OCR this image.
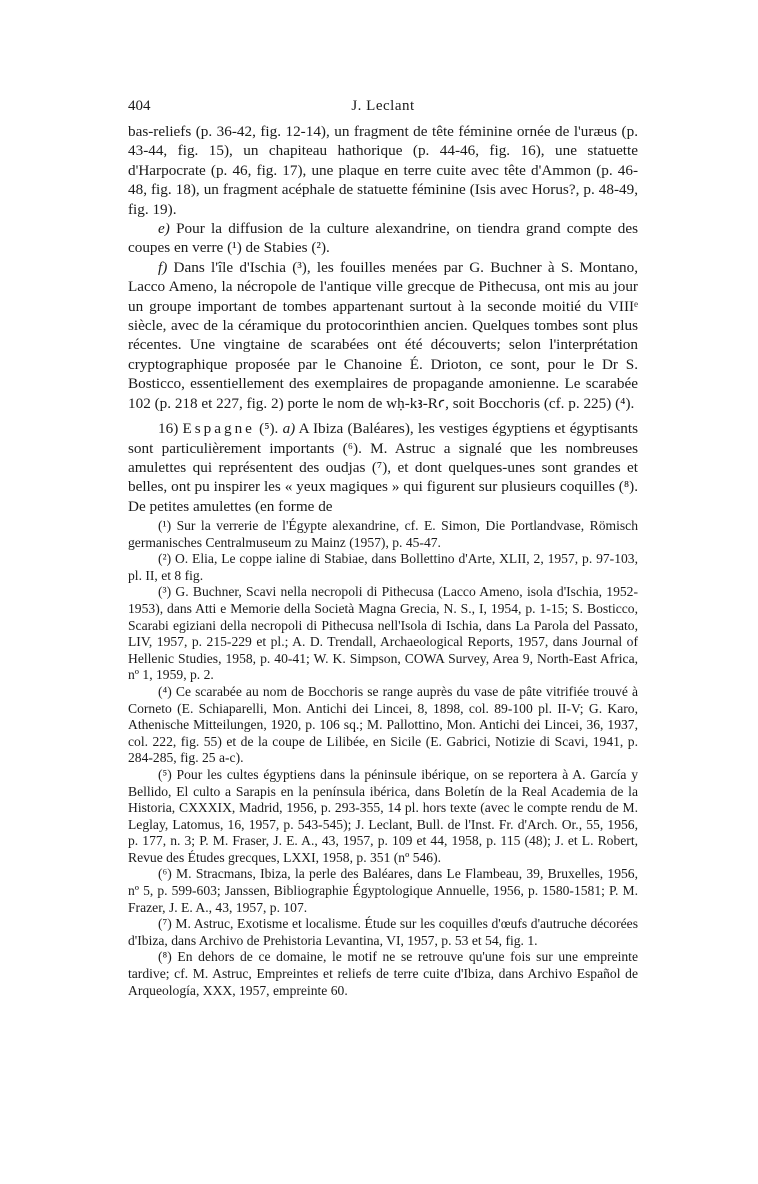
404	J. Leclant

bas-reliefs (p. 36-42, fig. 12-14), un fragment de tête féminine ornée de l'uræus (p. 43-44, fig. 15), un chapiteau hathorique (p. 44-46, fig. 16), une statuette d'Harpocrate (p. 46, fig. 17), une plaque en terre cuite avec tête d'Ammon (p. 46-48, fig. 18), un fragment acéphale de statuette féminine (Isis avec Horus?, p. 48-49, fig. 19).

e) Pour la diffusion de la culture alexandrine, on tiendra grand compte des coupes en verre (¹) de Stabies (²).

f) Dans l'île d'Ischia (³), les fouilles menées par G. Buchner à S. Montano, Lacco Ameno, la nécropole de l'antique ville grecque de Pithecusa, ont mis au jour un groupe important de tombes appartenant surtout à la seconde moitié du VIIIᵉ siècle, avec de la céramique du protocorinthien ancien. Quelques tombes sont plus récentes. Une vingtaine de scarabées ont été découverts; selon l'interprétation cryptographique proposée par le Chanoine É. Drioton, ce sont, pour le Dr S. Bosticco, essentiellement des exemplaires de propagande amonienne. Le scarabée 102 (p. 218 et 227, fig. 2) porte le nom de wḥ-kꜣ-Rꜥ, soit Bocchoris (cf. p. 225) (⁴).

16) Espagne (⁵). a) A Ibiza (Baléares), les vestiges égyptiens et égyptisants sont particulièrement importants (⁶). M. Astruc a signalé que les nombreuses amulettes qui représentent des oudjas (⁷), et dont quelques-unes sont grandes et belles, ont pu inspirer les « yeux magiques » qui figurent sur plusieurs coquilles (⁸). De petites amulettes (en forme de

(¹) Sur la verrerie de l'Égypte alexandrine, cf. E. Simon, Die Portlandvase, Römisch germanisches Centralmuseum zu Mainz (1957), p. 45-47.

(²) O. Elia, Le coppe ialine di Stabiae, dans Bollettino d'Arte, XLII, 2, 1957, p. 97-103, pl. II, et 8 fig.

(³) G. Buchner, Scavi nella necropoli di Pithecusa (Lacco Ameno, isola d'Ischia, 1952-1953), dans Atti e Memorie della Società Magna Grecia, N. S., I, 1954, p. 1-15; S. Bosticco, Scarabi egiziani della necropoli di Pithecusa nell'Isola di Ischia, dans La Parola del Passato, LIV, 1957, p. 215-229 et pl.; A. D. Trendall, Archaeological Reports, 1957, dans Journal of Hellenic Studies, 1958, p. 40-41; W. K. Simpson, COWA Survey, Area 9, North-East Africa, nº 1, 1959, p. 2.

(⁴) Ce scarabée au nom de Bocchoris se range auprès du vase de pâte vitrifiée trouvé à Corneto (E. Schiaparelli, Mon. Antichi dei Lincei, 8, 1898, col. 89-100 pl. II-V; G. Karo, Athenische Mitteilungen, 1920, p. 106 sq.; M. Pallottino, Mon. Antichi dei Lincei, 36, 1937, col. 222, fig. 55) et de la coupe de Lilibée, en Sicile (E. Gabrici, Notizie di Scavi, 1941, p. 284-285, fig. 25 a-c).

(⁵) Pour les cultes égyptiens dans la péninsule ibérique, on se reportera à A. García y Bellido, El culto a Sarapis en la península ibérica, dans Boletín de la Real Academia de la Historia, CXXXIX, Madrid, 1956, p. 293-355, 14 pl. hors texte (avec le compte rendu de M. Leglay, Latomus, 16, 1957, p. 543-545); J. Leclant, Bull. de l'Inst. Fr. d'Arch. Or., 55, 1956, p. 177, n. 3; P. M. Fraser, J. E. A., 43, 1957, p. 109 et 44, 1958, p. 115 (48); J. et L. Robert, Revue des Études grecques, LXXI, 1958, p. 351 (nº 546).

(⁶) M. Stracmans, Ibiza, la perle des Baléares, dans Le Flambeau, 39, Bruxelles, 1956, nº 5, p. 599-603; Janssen, Bibliographie Égyptologique Annuelle, 1956, p. 1580-1581; P. M. Frazer, J. E. A., 43, 1957, p. 107.

(⁷) M. Astruc, Exotisme et localisme. Étude sur les coquilles d'œufs d'autruche décorées d'Ibiza, dans Archivo de Prehistoria Levantina, VI, 1957, p. 53 et 54, fig. 1.

(⁸) En dehors de ce domaine, le motif ne se retrouve qu'une fois sur une empreinte tardive; cf. M. Astruc, Empreintes et reliefs de terre cuite d'Ibiza, dans Archivo Español de Arqueología, XXX, 1957, empreinte 60.
